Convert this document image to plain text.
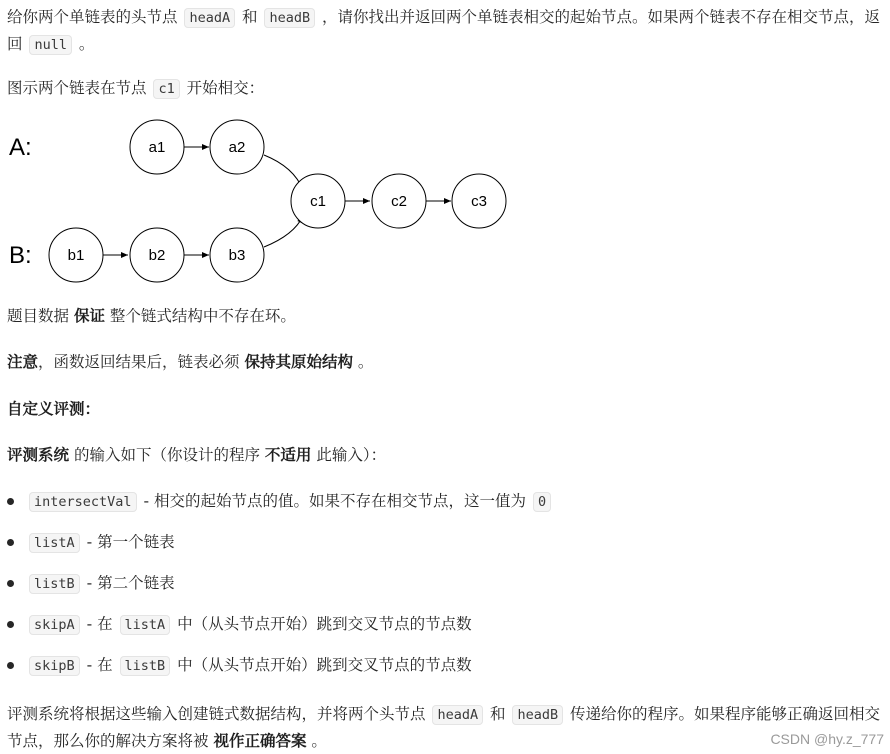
给你两个单链表的头节点 headA 和 headB ，请你找出并返回两个单链表相交的起始节点。如果两个链表不存在相交节点，返回 null 。

图示两个链表在节点 c1 开始相交：

A:
B:
a1	a2
b1	b2	b3
c1	c2	c3

题目数据 保证 整个链式结构中不存在环。

注意，函数返回结果后，链表必须 保持其原始结构 。

自定义评测：

评测系统 的输入如下（你设计的程序 不适用 此输入）：

intersectVal - 相交的起始节点的值。如果不存在相交节点，这一值为 0
listA - 第一个链表
listB - 第二个链表
skipA - 在 listA 中（从头节点开始）跳到交叉节点的节点数
skipB - 在 listB 中（从头节点开始）跳到交叉节点的节点数

评测系统将根据这些输入创建链式数据结构，并将两个头节点 headA 和 headB 传递给你的程序。如果程序能够正确返回相交节点，那么你的解决方案将被 视作正确答案 。	CSDN @hy.z_777
